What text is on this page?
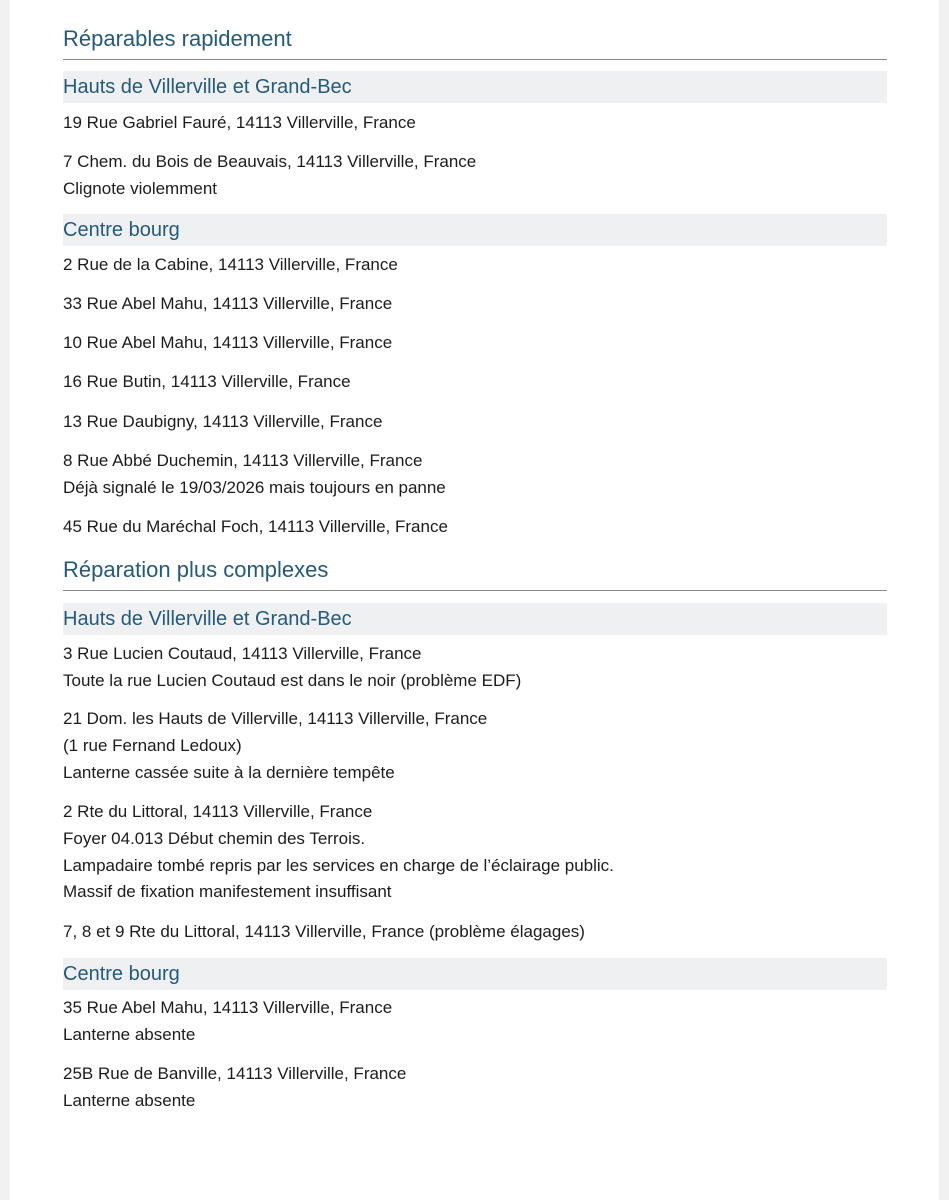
Réparables rapidement
Hauts de Villerville et Grand-Bec
19 Rue Gabriel Fauré, 14113 Villerville, France
7 Chem. du Bois de Beauvais, 14113 Villerville, France
Clignote violemment
Centre bourg
2 Rue de la Cabine, 14113 Villerville, France
33 Rue Abel Mahu, 14113 Villerville, France
10 Rue Abel Mahu, 14113 Villerville, France
16 Rue Butin, 14113 Villerville, France
13 Rue Daubigny, 14113 Villerville, France
8 Rue Abbé Duchemin, 14113 Villerville, France
Déjà signalé le 19/03/2026 mais toujours en panne
45 Rue du Maréchal Foch, 14113 Villerville, France
Réparation plus complexes
Hauts de Villerville et Grand-Bec
3 Rue Lucien Coutaud, 14113 Villerville, France
Toute la rue Lucien Coutaud est dans le noir (problème EDF)
21 Dom. les Hauts de Villerville, 14113 Villerville, France
(1 rue Fernand Ledoux)
Lanterne cassée suite à la dernière tempête
2 Rte du Littoral, 14113 Villerville, France
Foyer 04.013 Début chemin des Terrois.
Lampadaire tombé repris par les services en charge de l’éclairage public.
Massif de fixation manifestement insuffisant
7, 8 et 9 Rte du Littoral, 14113 Villerville, France (problème élagages)
Centre bourg
35 Rue Abel Mahu, 14113 Villerville, France
Lanterne absente
25B Rue de Banville, 14113 Villerville, France
Lanterne absente
